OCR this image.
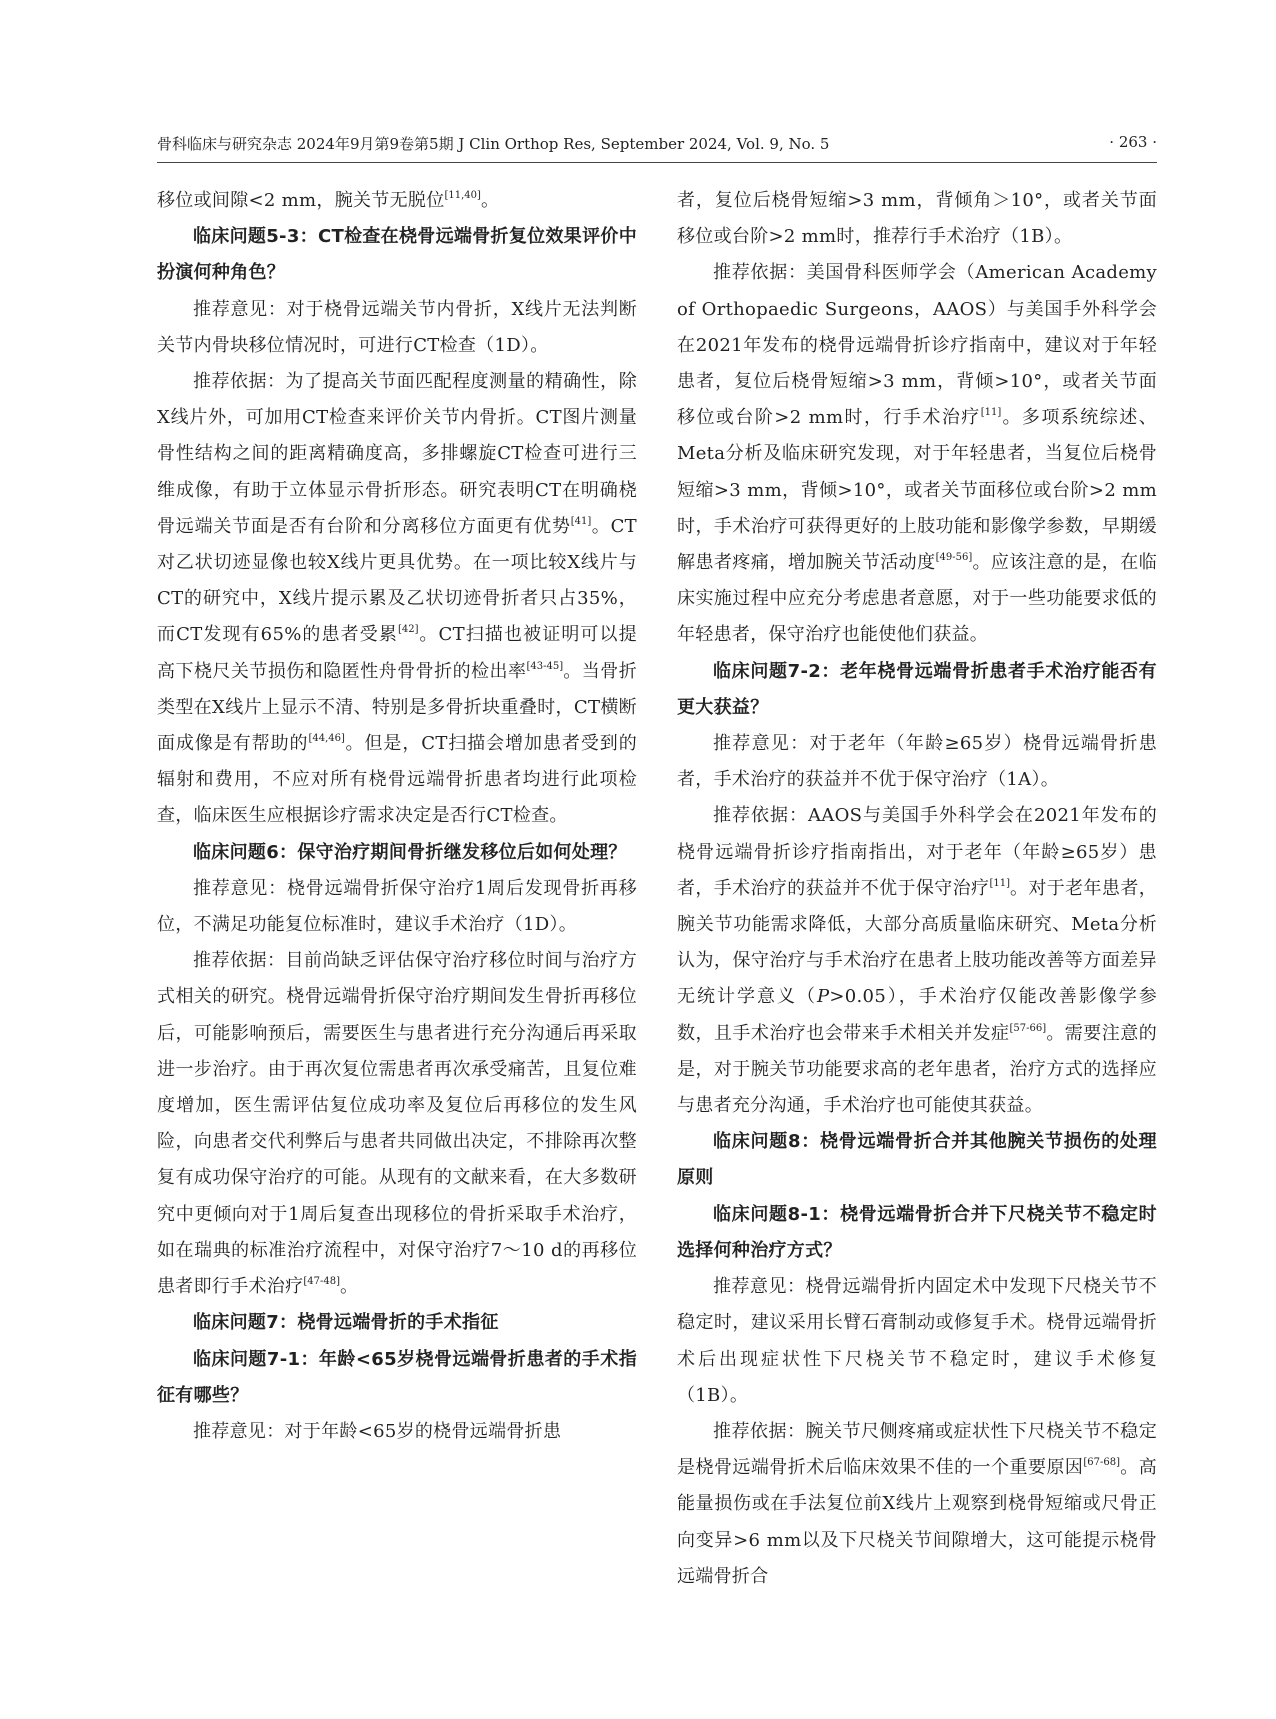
骨科临床与研究杂志 2024年9月第9卷第5期 J Clin Orthop Res, September 2024, Vol. 9, No. 5	· 263 ·

移位或间隙<2 mm，腕关节无脱位[11,40]。

临床问题5-3：CT检查在桡骨远端骨折复位效果评价中扮演何种角色？

推荐意见：对于桡骨远端关节内骨折，X线片无法判断关节内骨块移位情况时，可进行CT检查（1D）。

推荐依据：为了提高关节面匹配程度测量的精确性，除X线片外，可加用CT检查来评价关节内骨折。CT图片测量骨性结构之间的距离精确度高，多排螺旋CT检查可进行三维成像，有助于立体显示骨折形态。研究表明CT在明确桡骨远端关节面是否有台阶和分离移位方面更有优势[41]。CT对乙状切迹显像也较X线片更具优势。在一项比较X线片与CT的研究中，X线片提示累及乙状切迹骨折者只占35%，而CT发现有65%的患者受累[42]。CT扫描也被证明可以提高下桡尺关节损伤和隐匿性舟骨骨折的检出率[43-45]。当骨折类型在X线片上显示不清、特别是多骨折块重叠时，CT横断面成像是有帮助的[44,46]。但是，CT扫描会增加患者受到的辐射和费用，不应对所有桡骨远端骨折患者均进行此项检查，临床医生应根据诊疗需求决定是否行CT检查。

临床问题6：保守治疗期间骨折继发移位后如何处理？

推荐意见：桡骨远端骨折保守治疗1周后发现骨折再移位，不满足功能复位标准时，建议手术治疗（1D）。

推荐依据：目前尚缺乏评估保守治疗移位时间与治疗方式相关的研究。桡骨远端骨折保守治疗期间发生骨折再移位后，可能影响预后，需要医生与患者进行充分沟通后再采取进一步治疗。由于再次复位需患者再次承受痛苦，且复位难度增加，医生需评估复位成功率及复位后再移位的发生风险，向患者交代利弊后与患者共同做出决定，不排除再次整复有成功保守治疗的可能。从现有的文献来看，在大多数研究中更倾向对于1周后复查出现移位的骨折采取手术治疗，如在瑞典的标准治疗流程中，对保守治疗7～10 d的再移位患者即行手术治疗[47-48]。

临床问题7：桡骨远端骨折的手术指征

临床问题7-1：年龄<65岁桡骨远端骨折患者的手术指征有哪些？

推荐意见：对于年龄<65岁的桡骨远端骨折患

者，复位后桡骨短缩>3 mm，背倾角＞10°，或者关节面移位或台阶>2 mm时，推荐行手术治疗（1B）。

推荐依据：美国骨科医师学会（American Academy of Orthopaedic Surgeons，AAOS）与美国手外科学会在2021年发布的桡骨远端骨折诊疗指南中，建议对于年轻患者，复位后桡骨短缩>3 mm，背倾>10°，或者关节面移位或台阶>2 mm时，行手术治疗[11]。多项系统综述、Meta分析及临床研究发现，对于年轻患者，当复位后桡骨短缩>3 mm，背倾>10°，或者关节面移位或台阶>2 mm时，手术治疗可获得更好的上肢功能和影像学参数，早期缓解患者疼痛，增加腕关节活动度[49-56]。应该注意的是，在临床实施过程中应充分考虑患者意愿，对于一些功能要求低的年轻患者，保守治疗也能使他们获益。

临床问题7-2：老年桡骨远端骨折患者手术治疗能否有更大获益？

推荐意见：对于老年（年龄≥65岁）桡骨远端骨折患者，手术治疗的获益并不优于保守治疗（1A）。

推荐依据：AAOS与美国手外科学会在2021年发布的桡骨远端骨折诊疗指南指出，对于老年（年龄≥65岁）患者，手术治疗的获益并不优于保守治疗[11]。对于老年患者，腕关节功能需求降低，大部分高质量临床研究、Meta分析认为，保守治疗与手术治疗在患者上肢功能改善等方面差异无统计学意义（P>0.05），手术治疗仅能改善影像学参数，且手术治疗也会带来手术相关并发症[57-66]。需要注意的是，对于腕关节功能要求高的老年患者，治疗方式的选择应与患者充分沟通，手术治疗也可能使其获益。

临床问题8：桡骨远端骨折合并其他腕关节损伤的处理原则

临床问题8-1：桡骨远端骨折合并下尺桡关节不稳定时选择何种治疗方式？

推荐意见：桡骨远端骨折内固定术中发现下尺桡关节不稳定时，建议采用长臂石膏制动或修复手术。桡骨远端骨折术后出现症状性下尺桡关节不稳定时，建议手术修复（1B）。

推荐依据：腕关节尺侧疼痛或症状性下尺桡关节不稳定是桡骨远端骨折术后临床效果不佳的一个重要原因[67-68]。高能量损伤或在手法复位前X线片上观察到桡骨短缩或尺骨正向变异>6 mm以及下尺桡关节间隙增大，这可能提示桡骨远端骨折合
